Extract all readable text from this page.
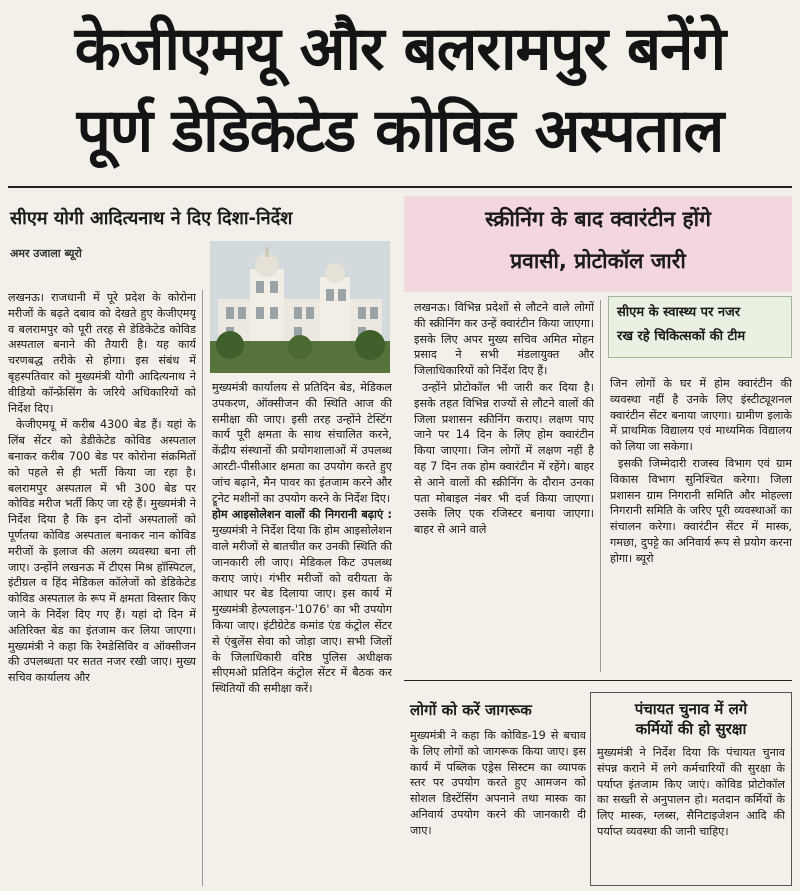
केजीएमयू और बलरामपुर बनेंगे
पूर्ण डेडिकेटेड कोविड अस्पताल
सीएम योगी आदित्यनाथ ने दिए दिशा-निर्देश
अमर उजाला ब्यूरो

लखनऊ। राजधानी में पूरे प्रदेश के कोरोना मरीजों के बढ़ते दबाव को देखते हुए केजीएमयू व बलरामपुर को पूरी तरह से डेडिकेटेड कोविड अस्पताल बनाने की तैयारी है। यह कार्य चरणबद्ध तरीके से होगा। इस संबंध में बृहस्पतिवार को मुख्यमंत्री योगी आदित्यनाथ ने वीडियो कॉन्फ्रेंसिंग के जरिये अधिकारियों को निर्देश दिए।

केजीएमयू में करीब 4300 बेड हैं। यहां के लिंब सेंटर को डेडीकेटेड कोविड अस्पताल बनाकर करीब 700 बेड पर कोरोना संक्रमितों को पहले से ही भर्ती किया जा रहा है। बलरामपुर अस्पताल में भी 300 बेड पर कोविड मरीज भर्ती किए जा रहे हैं। मुख्यमंत्री ने निर्देश दिया है कि इन दोनों अस्पतालों को पूर्णतया कोविड अस्पताल बनाकर नान कोविड मरीजों के इलाज की अलग व्यवस्था बना ली जाए। उन्होंने लखनऊ में टीएस मिश्र हॉस्पिटल, इंटीग्रल व हिंद मेडिकल कॉलेजों को डेडिकेटेड कोविड अस्पताल के रूप में क्षमता विस्तार किए जाने के निर्देश दिए गए हैं। यहां दो दिन में अतिरिक्त बेड का इंतजाम कर लिया जाएगा। मुख्यमंत्री ने कहा कि रेमडेसिविर व ऑक्सीजन की उपलब्धता पर सतत नजर रखी जाए। मुख्य सचिव कार्यालय और

मुख्यमंत्री कार्यालय से प्रतिदिन बेड, मेडिकल उपकरण, ऑक्सीजन की स्थिति आज की समीक्षा की जाए। इसी तरह उन्होंने टेस्टिंग कार्य पूरी क्षमता के साथ संचालित करने, केंद्रीय संस्थानों की प्रयोगशालाओं में उपलब्ध आरटी-पीसीआर क्षमता का उपयोग करते हुए जांच बढ़ाने, मैन पावर का इंतजाम करने और ट्रूनेट मशीनों का उपयोग करने के निर्देश दिए।

होम आइसोलेशन वालों की निगरानी बढ़ाएं : मुख्यमंत्री ने निर्देश दिया कि होम आइसोलेशन वाले मरीजों से बातचीत कर उनकी स्थिति की जानकारी ली जाए। मेडिकल किट उपलब्ध कराए जाएं। गंभीर मरीजों को वरीयता के आधार पर बेड दिलाया जाए। इस कार्य में मुख्यमंत्री हेल्पलाइन-'1076' का भी उपयोग किया जाए। इंटीग्रेटेड कमांड एंड कंट्रोल सेंटर से एंबुलेंस सेवा को जोड़ा जाए। सभी जिलों के जिलाधिकारी वरिष्ठ पुलिस अधीक्षक सीएमओ प्रतिदिन कंट्रोल सेंटर में बैठक कर स्थितियों की समीक्षा करें।

स्क्रीनिंग के बाद क्वारंटीन होंगे
प्रवासी, प्रोटोकॉल जारी

लखनऊ। विभिन्न प्रदेशों से लौटने वाले लोगों की स्क्रीनिंग कर उन्हें क्वारंटीन किया जाएगा। इसके लिए अपर मुख्य सचिव अमित मोहन प्रसाद ने सभी मंडलायुक्त और जिलाधिकारियों को निर्देश दिए हैं।

उन्होंने प्रोटोकॉल भी जारी कर दिया है। इसके तहत विभिन्न राज्यों से लौटने वालों की जिला प्रशासन स्क्रीनिंग कराए। लक्षण पाए जाने पर 14 दिन के लिए होम क्वारंटीन किया जाएगा। जिन लोगों में लक्षण नहीं है वह 7 दिन तक होम क्वारंटीन में रहेंगे। बाहर से आने वालों की स्क्रीनिंग के दौरान उनका पता मोबाइल नंबर भी दर्ज किया जाएगा। उसके लिए एक रजिस्टर बनाया जाएगा। बाहर से आने वाले

सीएम के स्वास्थ्य पर नजर
रख रहे चिकित्सकों की टीम

जिन लोगों के घर में होम क्वारंटीन की व्यवस्था नहीं है उनके लिए इंस्टीट्यूशनल क्वारंटीन सेंटर बनाया जाएगा। ग्रामीण इलाके में प्राथमिक विद्यालय एवं माध्यमिक विद्यालय को लिया जा सकेगा।

इसकी जिम्मेदारी राजस्व विभाग एवं ग्राम विकास विभाग सुनिश्चित करेगा। जिला प्रशासन ग्राम निगरानी समिति और मोहल्ला निगरानी समिति के जरिए पूरी व्यवस्थाओं का संचालन करेगा। क्वारंटीन सेंटर में मास्क, गमछा, दुपट्टे का अनिवार्य रूप से प्रयोग करना होगा। ब्यूरो

लोगों को करें जागरूक
मुख्यमंत्री ने कहा कि कोविड-19 से बचाव के लिए लोगों को जागरूक किया जाए। इस कार्य में पब्लिक एड्रेस सिस्टम का व्यापक स्तर पर उपयोग करते हुए आमजन को सोशल डिस्टेंसिंग अपनाने तथा मास्क का अनिवार्य उपयोग करने की जानकारी दी जाए।
पंचायत चुनाव में लगे
कर्मियों की हो सुरक्षा
मुख्यमंत्री ने निर्देश दिया कि पंचायत चुनाव संपन्न कराने में लगे कर्मचारियों की सुरक्षा के पर्याप्त इंतजाम किए जाएं। कोविड प्रोटोकॉल का सख्ती से अनुपालन हो। मतदान कर्मियों के लिए मास्क, ग्लब्स, सैनिटाइजेशन आदि की पर्याप्त व्यवस्था की जानी चाहिए।
